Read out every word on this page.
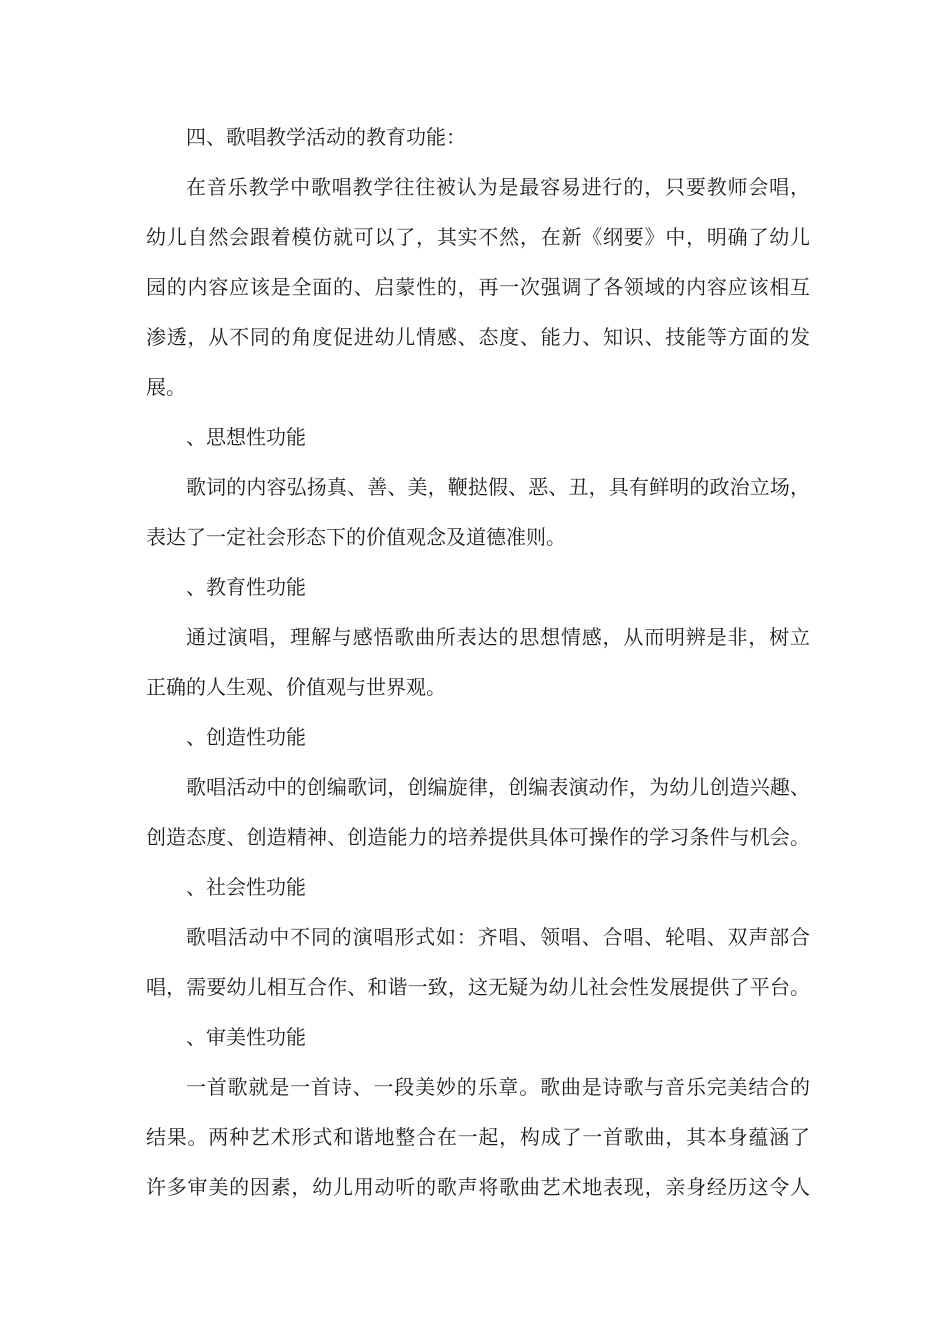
四、歌唱教学活动的教育功能：
在音乐教学中歌唱教学往往被认为是最容易进行的，只要教师会唱，
幼儿自然会跟着模仿就可以了，其实不然，在新《纲要》中，明确了幼儿
园的内容应该是全面的、启蒙性的，再一次强调了各领域的内容应该相互
渗透，从不同的角度促进幼儿情感、态度、能力、知识、技能等方面的发
展。
、思想性功能
歌词的内容弘扬真、善、美，鞭挞假、恶、丑，具有鲜明的政治立场，
表达了一定社会形态下的价值观念及道德准则。
、教育性功能
通过演唱，理解与感悟歌曲所表达的思想情感，从而明辨是非，树立
正确的人生观、价值观与世界观。
、创造性功能
歌唱活动中的创编歌词，创编旋律，创编表演动作，为幼儿创造兴趣、
创造态度、创造精神、创造能力的培养提供具体可操作的学习条件与机会。
、社会性功能
歌唱活动中不同的演唱形式如：齐唱、领唱、合唱、轮唱、双声部合
唱，需要幼儿相互合作、和谐一致，这无疑为幼儿社会性发展提供了平台。
、审美性功能
一首歌就是一首诗、一段美妙的乐章。歌曲是诗歌与音乐完美结合的
结果。两种艺术形式和谐地整合在一起，构成了一首歌曲，其本身蕴涵了
许多审美的因素，幼儿用动听的歌声将歌曲艺术地表现，亲身经历这令人
